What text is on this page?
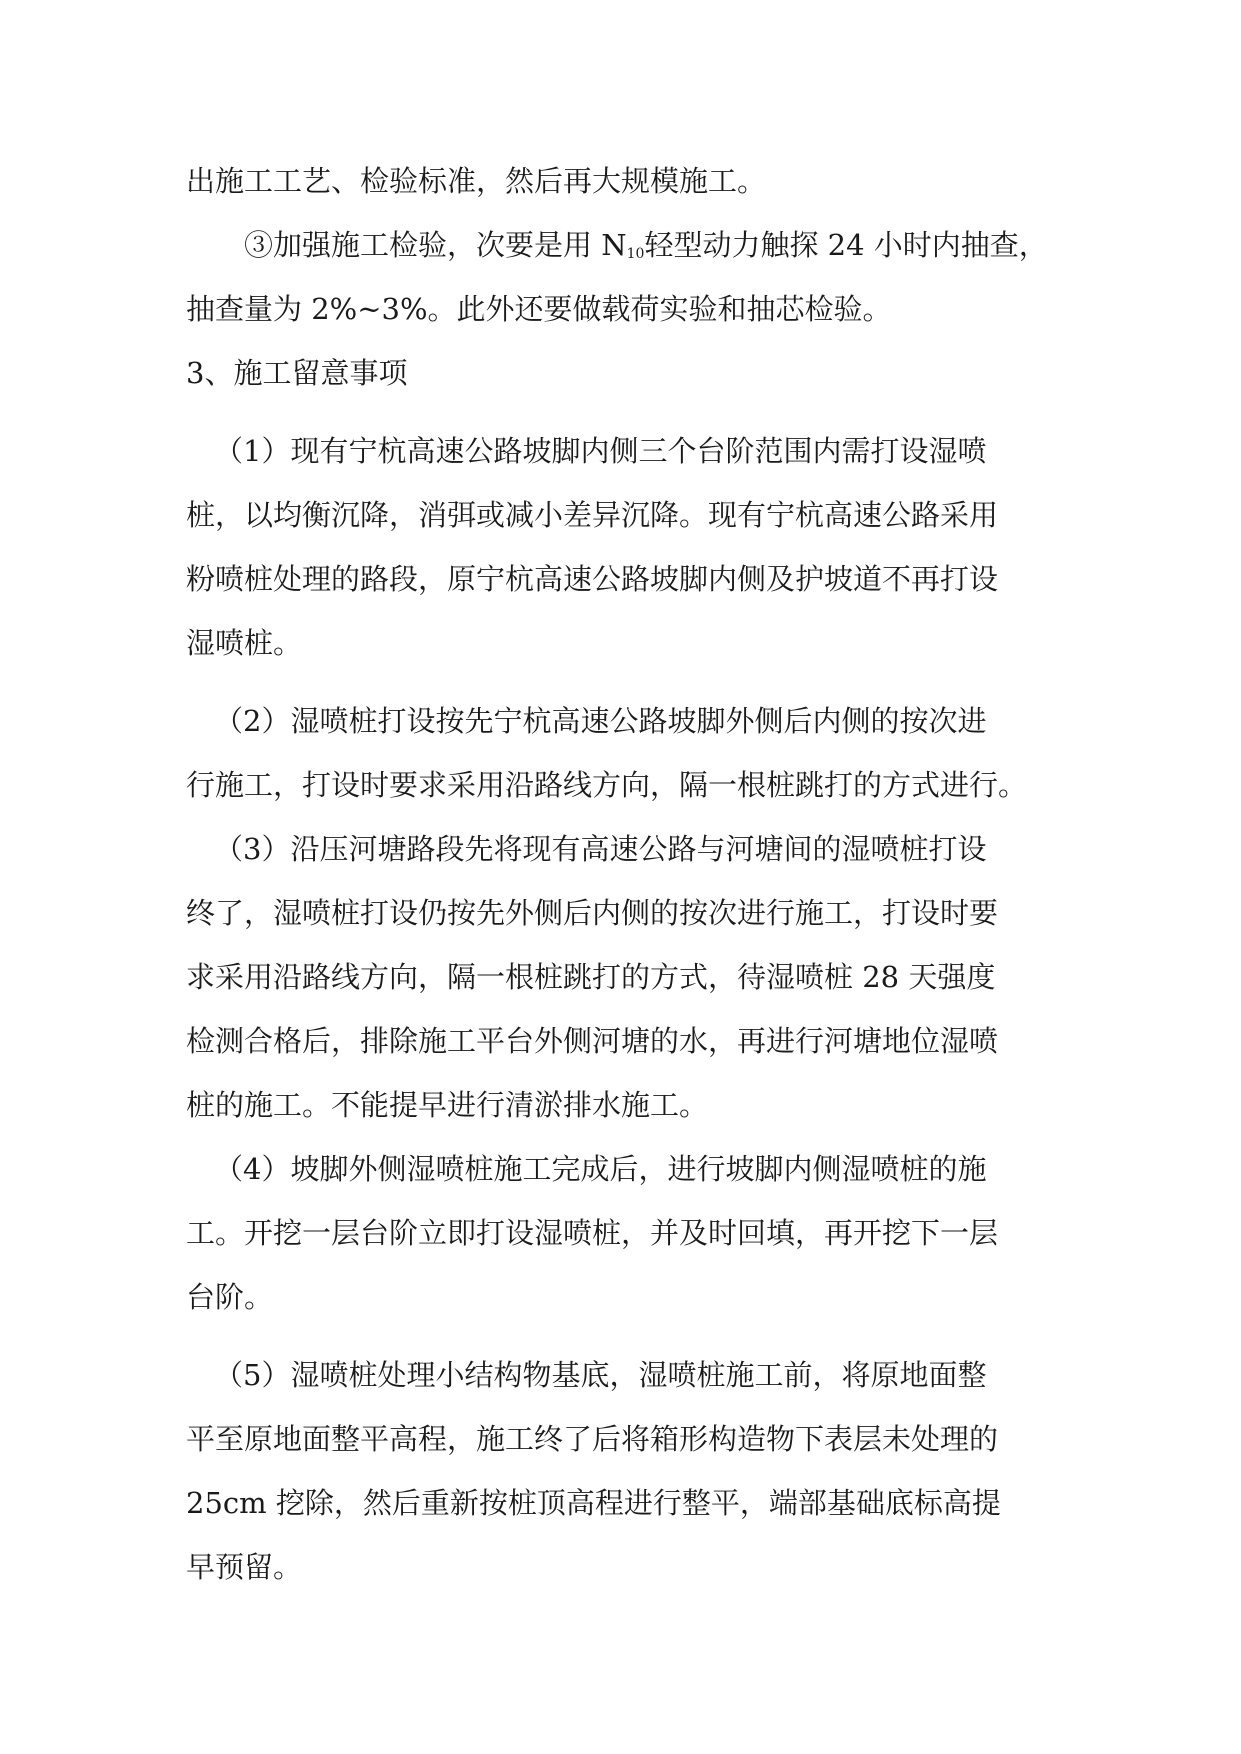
出施工工艺、检验标准，然后再大规模施工。
③加强施工检验，次要是用 $N_{10}$轻型动力触探 24 小时内抽查，
抽查量为 2%~3%。此外还要做载荷实验和抽芯检验。
3、施工留意事项
（1）现有宁杭高速公路坡脚内侧三个台阶范围内需打设湿喷
桩，以均衡沉降，消弭或减小差异沉降。现有宁杭高速公路采用
粉喷桩处理的路段，原宁杭高速公路坡脚内侧及护坡道不再打设
湿喷桩。
（2）湿喷桩打设按先宁杭高速公路坡脚外侧后内侧的按次进
行施工，打设时要求采用沿路线方向，隔一根桩跳打的方式进行。
（3）沿压河塘路段先将现有高速公路与河塘间的湿喷桩打设
终了，湿喷桩打设仍按先外侧后内侧的按次进行施工，打设时要
求采用沿路线方向，隔一根桩跳打的方式，待湿喷桩 28 天强度
检测合格后，排除施工平台外侧河塘的水，再进行河塘地位湿喷
桩的施工。不能提早进行清淤排水施工。
（4）坡脚外侧湿喷桩施工完成后，进行坡脚内侧湿喷桩的施
工。开挖一层台阶立即打设湿喷桩，并及时回填，再开挖下一层
台阶。
（5）湿喷桩处理小结构物基底，湿喷桩施工前，将原地面整
平至原地面整平高程，施工终了后将箱形构造物下表层未处理的
25cm 挖除，然后重新按桩顶高程进行整平，端部基础底标高提
早预留。
